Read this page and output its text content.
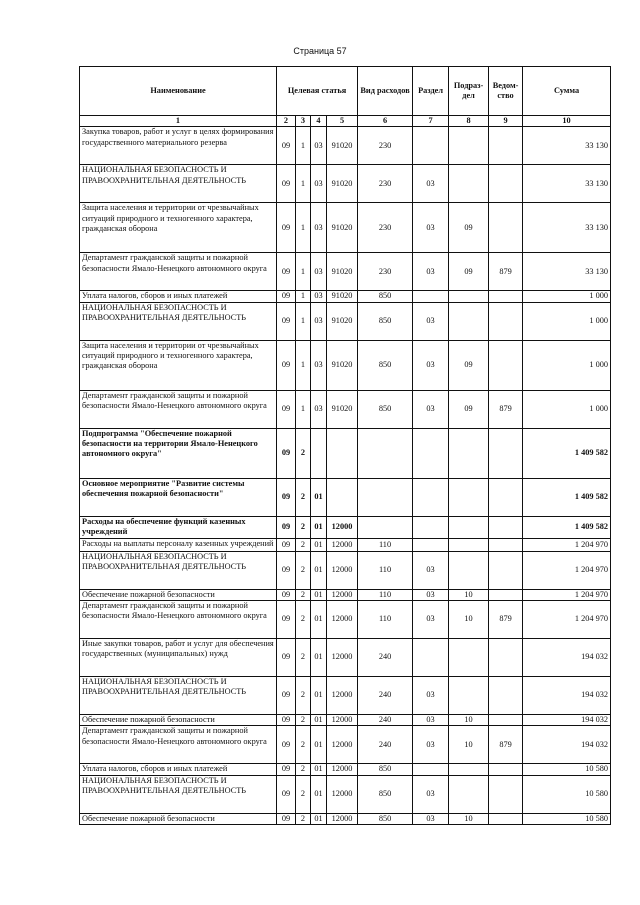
Страница 57
Наименование	Целевая статья				Вид расходов	Раздел	Подраз-дел	Ведом-ство	Сумма
1	2	3	4	5	6	7	8	9	10
Закупка товаров, работ и услуг в целях формирования государственного материального резерва	09	1	03	91020	230				33 130
НАЦИОНАЛЬНАЯ БЕЗОПАСНОСТЬ И ПРАВООХРАНИТЕЛЬНАЯ ДЕЯТЕЛЬНОСТЬ	09	1	03	91020	230	03			33 130
Защита населения и территории от чрезвычайных ситуаций природного и техногенного характера, гражданская оборона	09	1	03	91020	230	03	09		33 130
Департамент гражданской защиты и пожарной безопасности Ямало-Ненецкого автономного округа	09	1	03	91020	230	03	09	879	33 130
Уплата налогов, сборов и иных платежей	09	1	03	91020	850				1 000
НАЦИОНАЛЬНАЯ БЕЗОПАСНОСТЬ И ПРАВООХРАНИТЕЛЬНАЯ ДЕЯТЕЛЬНОСТЬ	09	1	03	91020	850	03			1 000
Защита населения и территории от чрезвычайных ситуаций природного и техногенного характера, гражданская оборона	09	1	03	91020	850	03	09		1 000
Департамент гражданской защиты и пожарной безопасности Ямало-Ненецкого автономного округа	09	1	03	91020	850	03	09	879	1 000
Подпрограмма "Обеспечение пожарной безопасности на территории Ямало-Ненецкого автономного округа"	09	2							1 409 582
Основное мероприятие "Развитие системы обеспечения пожарной безопасности"	09	2	01						1 409 582
Расходы на обеспечение функций казенных учреждений	09	2	01	12000					1 409 582
Расходы на выплаты персоналу казенных учреждений	09	2	01	12000	110				1 204 970
НАЦИОНАЛЬНАЯ БЕЗОПАСНОСТЬ И ПРАВООХРАНИТЕЛЬНАЯ ДЕЯТЕЛЬНОСТЬ	09	2	01	12000	110	03			1 204 970
Обеспечение пожарной безопасности	09	2	01	12000	110	03	10		1 204 970
Департамент гражданской защиты и пожарной безопасности Ямало-Ненецкого автономного округа	09	2	01	12000	110	03	10	879	1 204 970
Иные закупки товаров, работ и услуг для обеспечения государственных (муниципальных) нужд	09	2	01	12000	240				194 032
НАЦИОНАЛЬНАЯ БЕЗОПАСНОСТЬ И ПРАВООХРАНИТЕЛЬНАЯ ДЕЯТЕЛЬНОСТЬ	09	2	01	12000	240	03			194 032
Обеспечение пожарной безопасности	09	2	01	12000	240	03	10		194 032
Департамент гражданской защиты и пожарной безопасности Ямало-Ненецкого автономного округа	09	2	01	12000	240	03	10	879	194 032
Уплата налогов, сборов и иных платежей	09	2	01	12000	850				10 580
НАЦИОНАЛЬНАЯ БЕЗОПАСНОСТЬ И ПРАВООХРАНИТЕЛЬНАЯ ДЕЯТЕЛЬНОСТЬ	09	2	01	12000	850	03			10 580
Обеспечение пожарной безопасности	09	2	01	12000	850	03	10		10 580
